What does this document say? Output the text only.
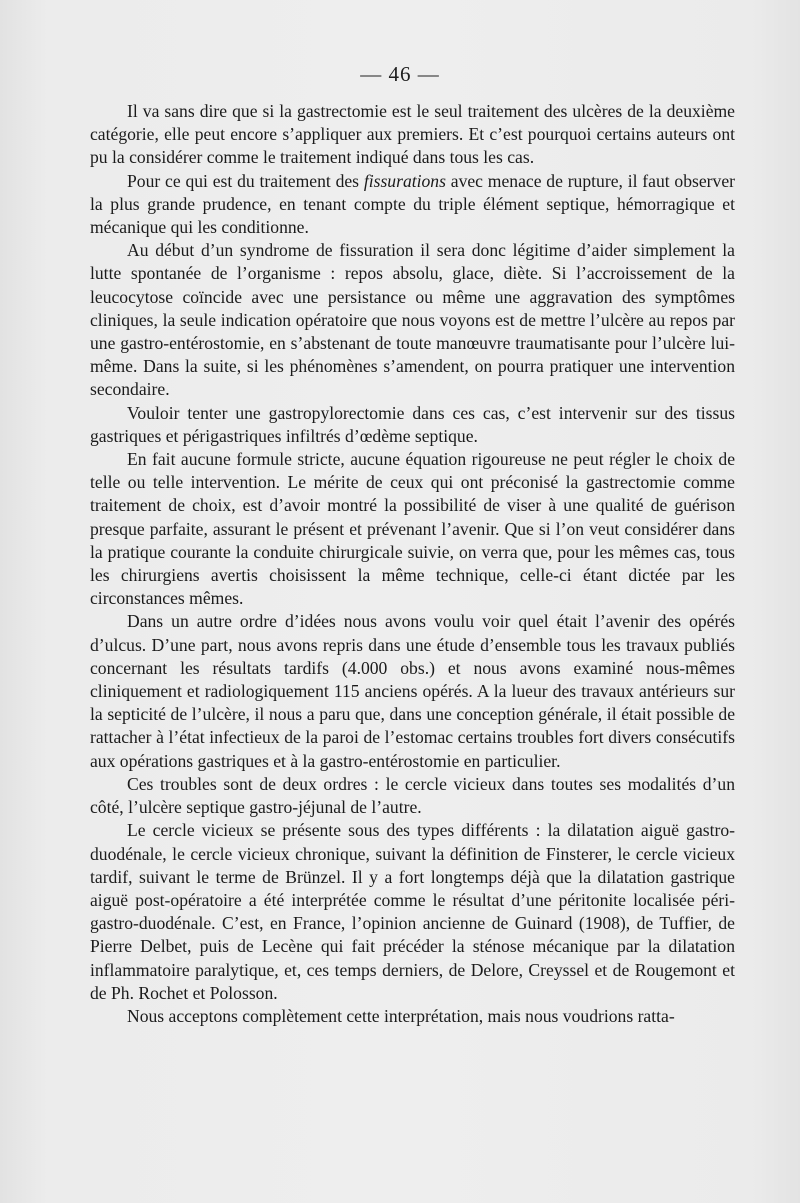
— 46 —

Il va sans dire que si la gastrectomie est le seul traitement des ulcères de la deuxième catégorie, elle peut encore s’appliquer aux premiers. Et c’est pourquoi certains auteurs ont pu la considérer comme le traitement indiqué dans tous les cas.

Pour ce qui est du traitement des fissurations avec menace de rupture, il faut observer la plus grande prudence, en tenant compte du triple élément septique, hémorragique et mécanique qui les conditionne.

Au début d’un syndrome de fissuration il sera donc légitime d’aider simplement la lutte spontanée de l’organisme : repos absolu, glace, diète. Si l’accroissement de la leucocytose coïncide avec une persistance ou même une aggravation des symptômes cliniques, la seule indication opératoire que nous voyons est de mettre l’ulcère au repos par une gastro-entérostomie, en s’abstenant de toute manœuvre traumatisante pour l’ulcère lui-même. Dans la suite, si les phénomènes s’amendent, on pourra pratiquer une intervention secondaire.

Vouloir tenter une gastropylorectomie dans ces cas, c’est intervenir sur des tissus gastriques et périgastriques infiltrés d’œdème septique.

En fait aucune formule stricte, aucune équation rigoureuse ne peut régler le choix de telle ou telle intervention. Le mérite de ceux qui ont préconisé la gastrectomie comme traitement de choix, est d’avoir montré la possibilité de viser à une qualité de guérison presque parfaite, assurant le présent et prévenant l’avenir. Que si l’on veut considérer dans la pratique courante la conduite chirurgicale suivie, on verra que, pour les mêmes cas, tous les chirurgiens avertis choisissent la même technique, celle-ci étant dictée par les circonstances mêmes.

Dans un autre ordre d’idées nous avons voulu voir quel était l’avenir des opérés d’ulcus. D’une part, nous avons repris dans une étude d’ensemble tous les travaux publiés concernant les résultats tardifs (4.000 obs.) et nous avons examiné nous-mêmes cliniquement et radiologiquement 115 anciens opérés. A la lueur des travaux antérieurs sur la septicité de l’ulcère, il nous a paru que, dans une conception générale, il était possible de rattacher à l’état infectieux de la paroi de l’estomac certains troubles fort divers consécutifs aux opérations gastriques et à la gastro-entérostomie en particulier.

Ces troubles sont de deux ordres : le cercle vicieux dans toutes ses modalités d’un côté, l’ulcère septique gastro-jéjunal de l’autre.

Le cercle vicieux se présente sous des types différents : la dilatation aiguë gastro-duodénale, le cercle vicieux chronique, suivant la définition de Finsterer, le cercle vicieux tardif, suivant le terme de Brünzel. Il y a fort longtemps déjà que la dilatation gastrique aiguë post-opératoire a été interprétée comme le résultat d’une péritonite localisée péri-gastro-duodénale. C’est, en France, l’opinion ancienne de Guinard (1908), de Tuffier, de Pierre Delbet, puis de Lecène qui fait précéder la sténose mécanique par la dilatation inflammatoire paralytique, et, ces temps derniers, de Delore, Creyssel et de Rougemont et de Ph. Rochet et Polosson.

Nous acceptons complètement cette interprétation, mais nous voudrions ratta-
